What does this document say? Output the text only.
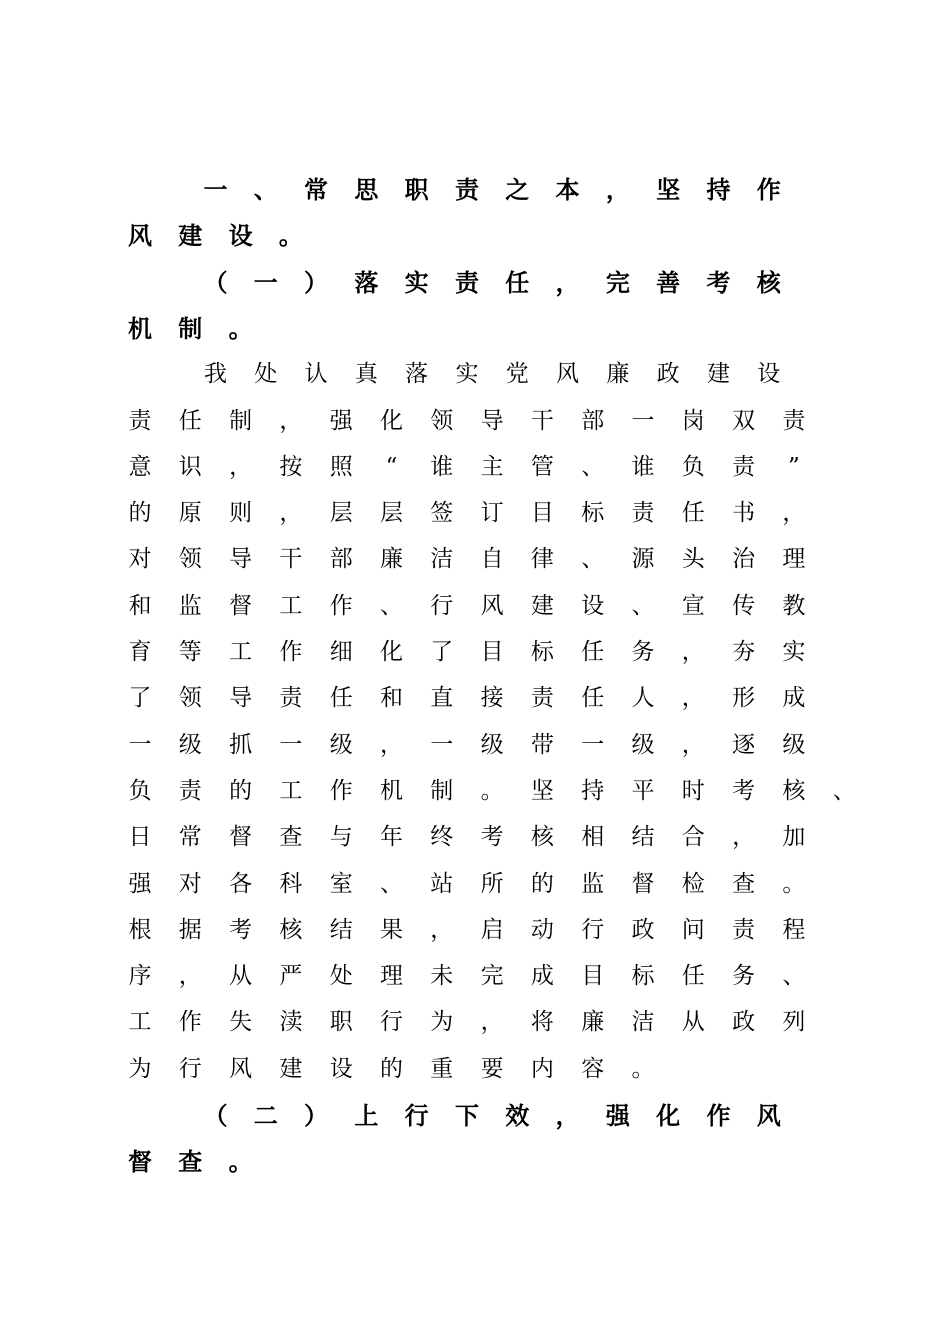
一	、	常	思	职	责	之	本	，	坚	持	作
风	建	设	。
（	一	）	落	实	责	任	，	完	善	考	核
机	制	。
我	处	认	真	落	实	党	风	廉	政	建	设
责	任	制	，	强	化	领	导	干	部	一	岗	双	责
意	识	，	按	照	“	谁	主	管	、	谁	负	责	”
的	原	则	，	层	层	签	订	目	标	责	任	书	，
对	领	导	干	部	廉	洁	自	律	、	源	头	治	理
和	监	督	工	作	、	行	风	建	设	、	宣	传	教
育	等	工	作	细	化	了	目	标	任	务	，	夯	实
了	领	导	责	任	和	直	接	责	任	人	，	形	成
一	级	抓	一	级	，	一	级	带	一	级	，	逐	级
负	责	的	工	作	机	制	。	坚	持	平	时	考	核	、
日	常	督	查	与	年	终	考	核	相	结	合	，	加
强	对	各	科	室	、	站	所	的	监	督	检	查	。
根	据	考	核	结	果	，	启	动	行	政	问	责	程
序	，	从	严	处	理	未	完	成	目	标	任	务	、
工	作	失	渎	职	行	为	，	将	廉	洁	从	政	列
为	行	风	建	设	的	重	要	内	容	。
（	二	）	上	行	下	效	，	强	化	作	风
督	查	。
